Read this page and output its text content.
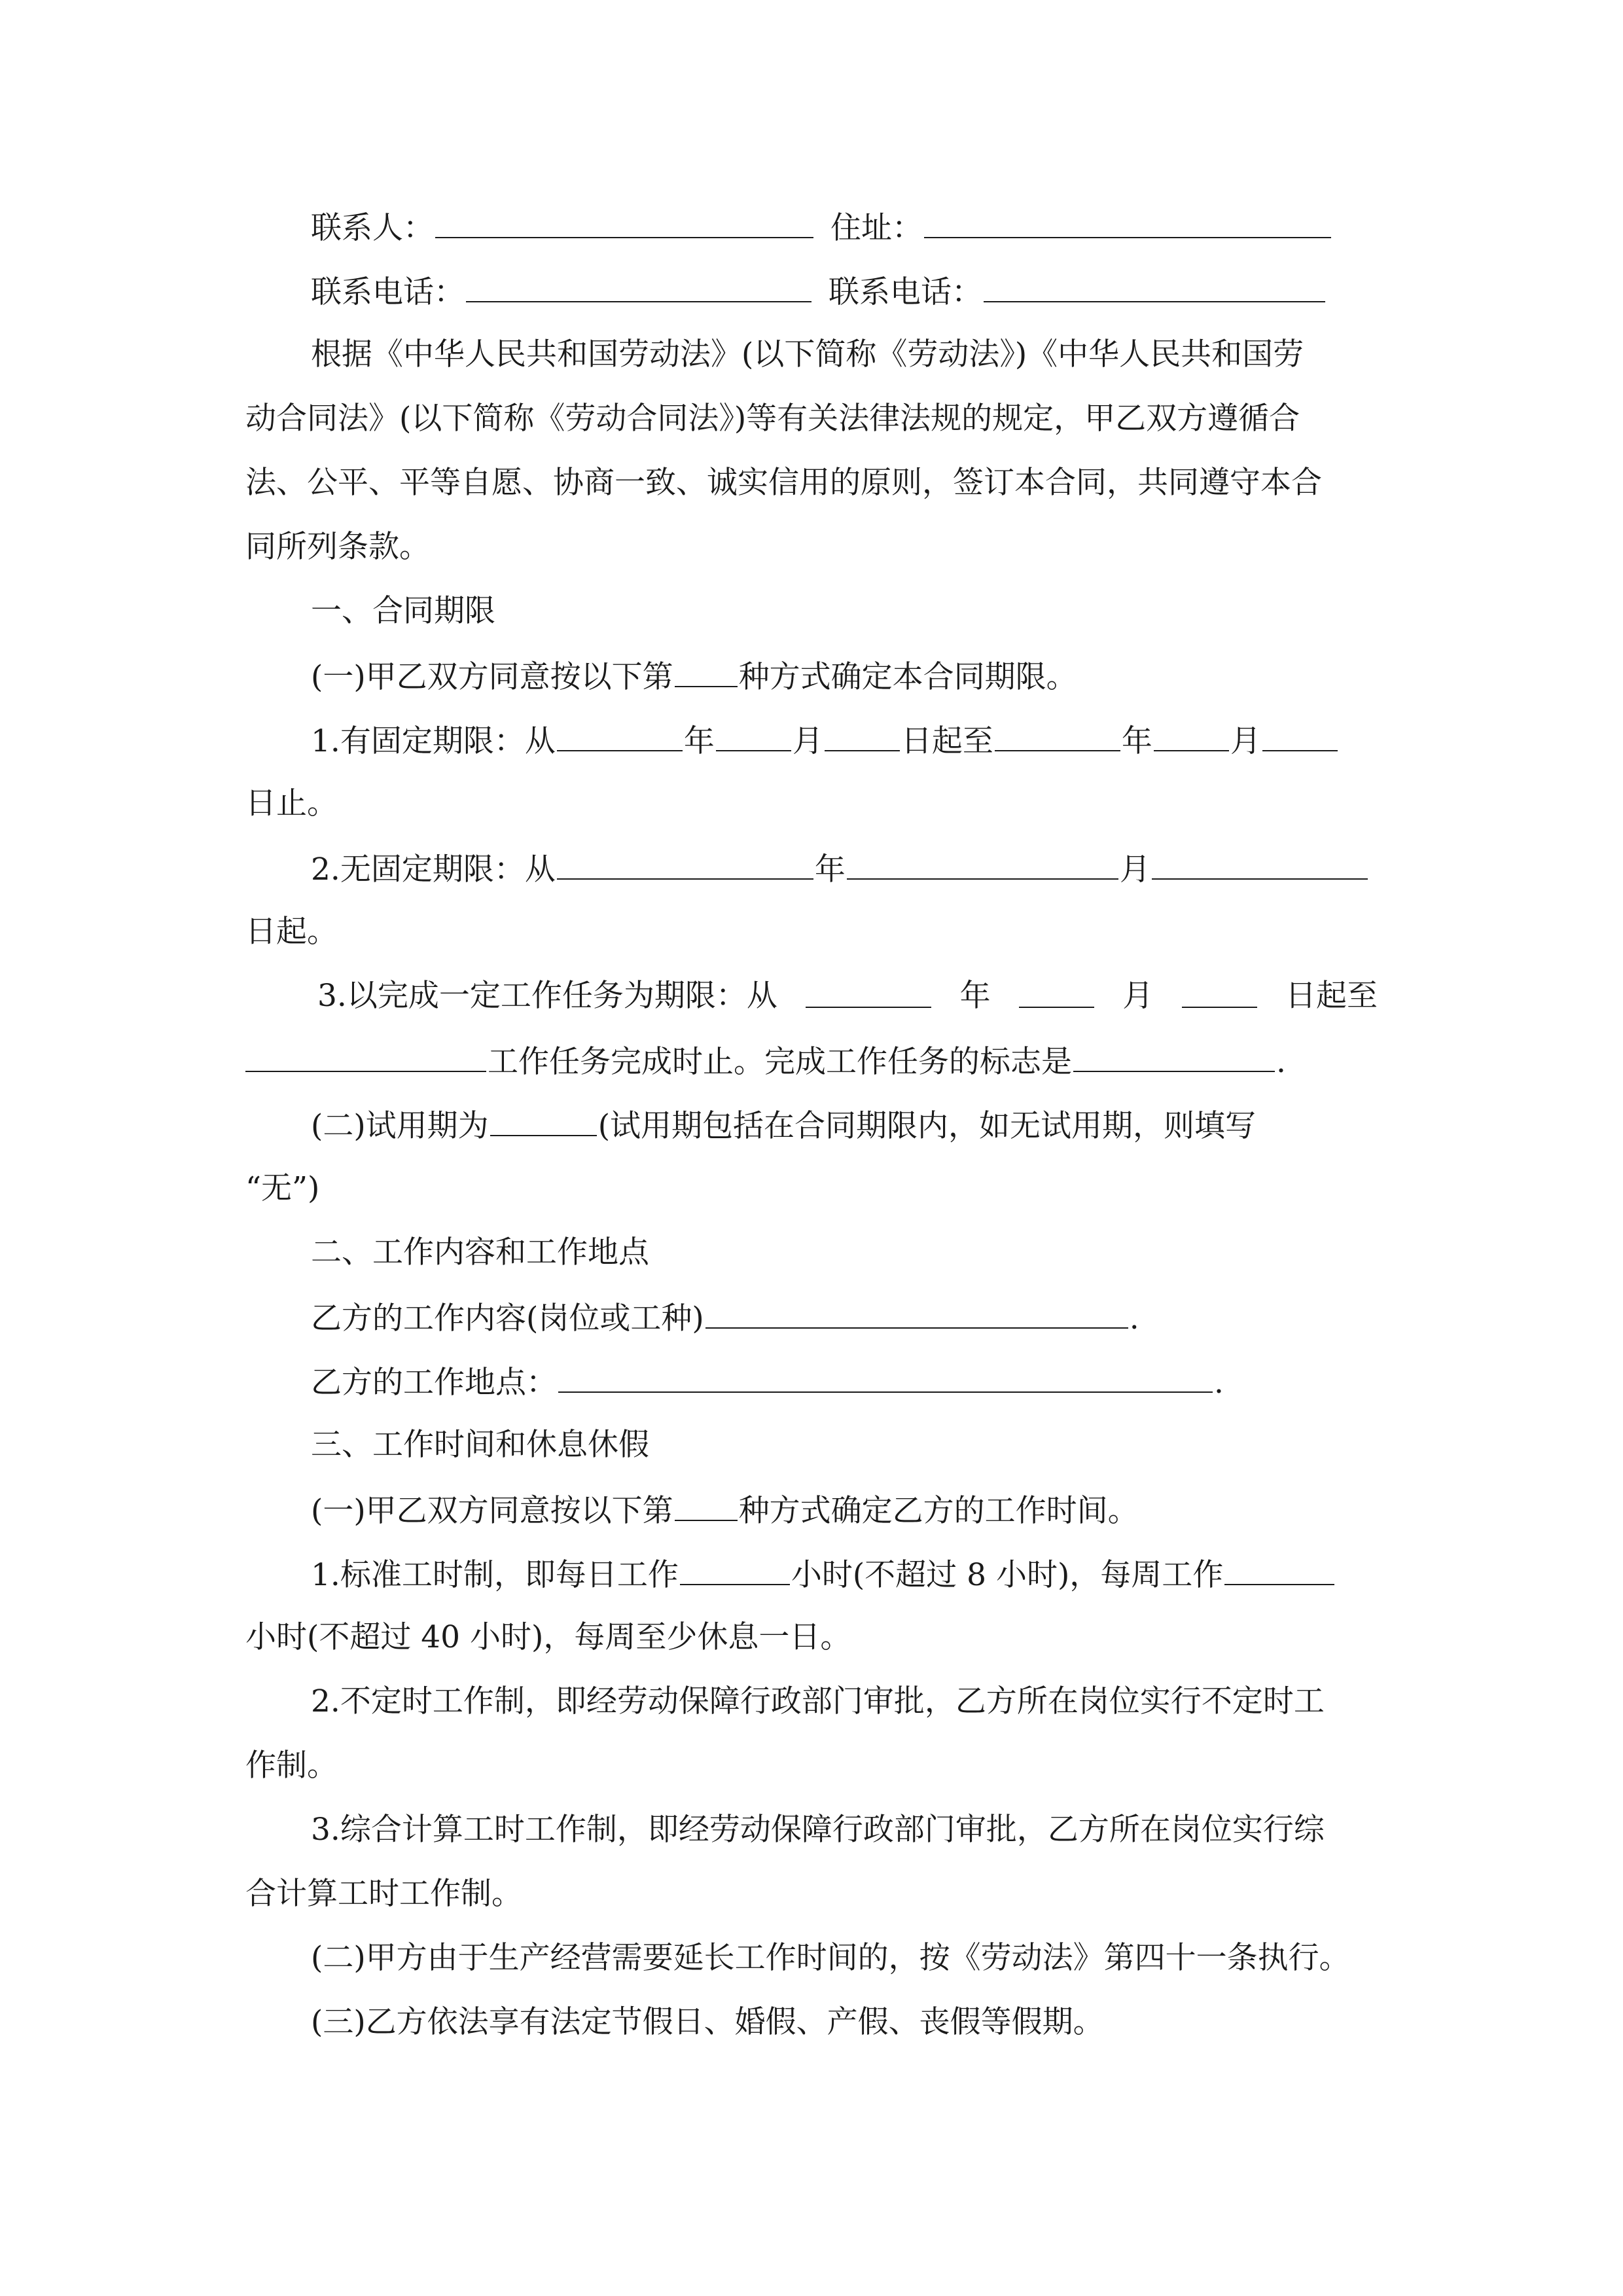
联系人：	住址：
联系电话：	联系电话：
根据《中华人民共和国劳动法》(以下简称《劳动法》)《中华人民共和国劳
动合同法》(以下简称《劳动合同法》)等有关法律法规的规定，甲乙双方遵循合
法、公平、平等自愿、协商一致、诚实信用的原则，签订本合同，共同遵守本合
同所列条款。
一、合同期限
(一)甲乙双方同意按以下第 种方式确定本合同期限。
1.有固定期限：从	年	月	日起至	年	月
日止。
2.无固定期限：从	年	月
日起。
3.以完成一定工作任务为期限：从	年	月	日起至
工作任务完成时止。完成工作任务的标志是	.
(二)试用期为	(试用期包括在合同期限内，如无试用期，则填写
“无”)
二、工作内容和工作地点
乙方的工作内容(岗位或工种)	.
乙方的工作地点：	.
三、工作时间和休息休假
(一)甲乙双方同意按以下第 种方式确定乙方的工作时间。
1.标准工时制，即每日工作	小时(不超过 8 小时)，每周工作
小时(不超过 40 小时)，每周至少休息一日。
2.不定时工作制，即经劳动保障行政部门审批，乙方所在岗位实行不定时工
作制。
3.综合计算工时工作制，即经劳动保障行政部门审批，乙方所在岗位实行综
合计算工时工作制。
(二)甲方由于生产经营需要延长工作时间的，按《劳动法》第四十一条执行。
(三)乙方依法享有法定节假日、婚假、产假、丧假等假期。
